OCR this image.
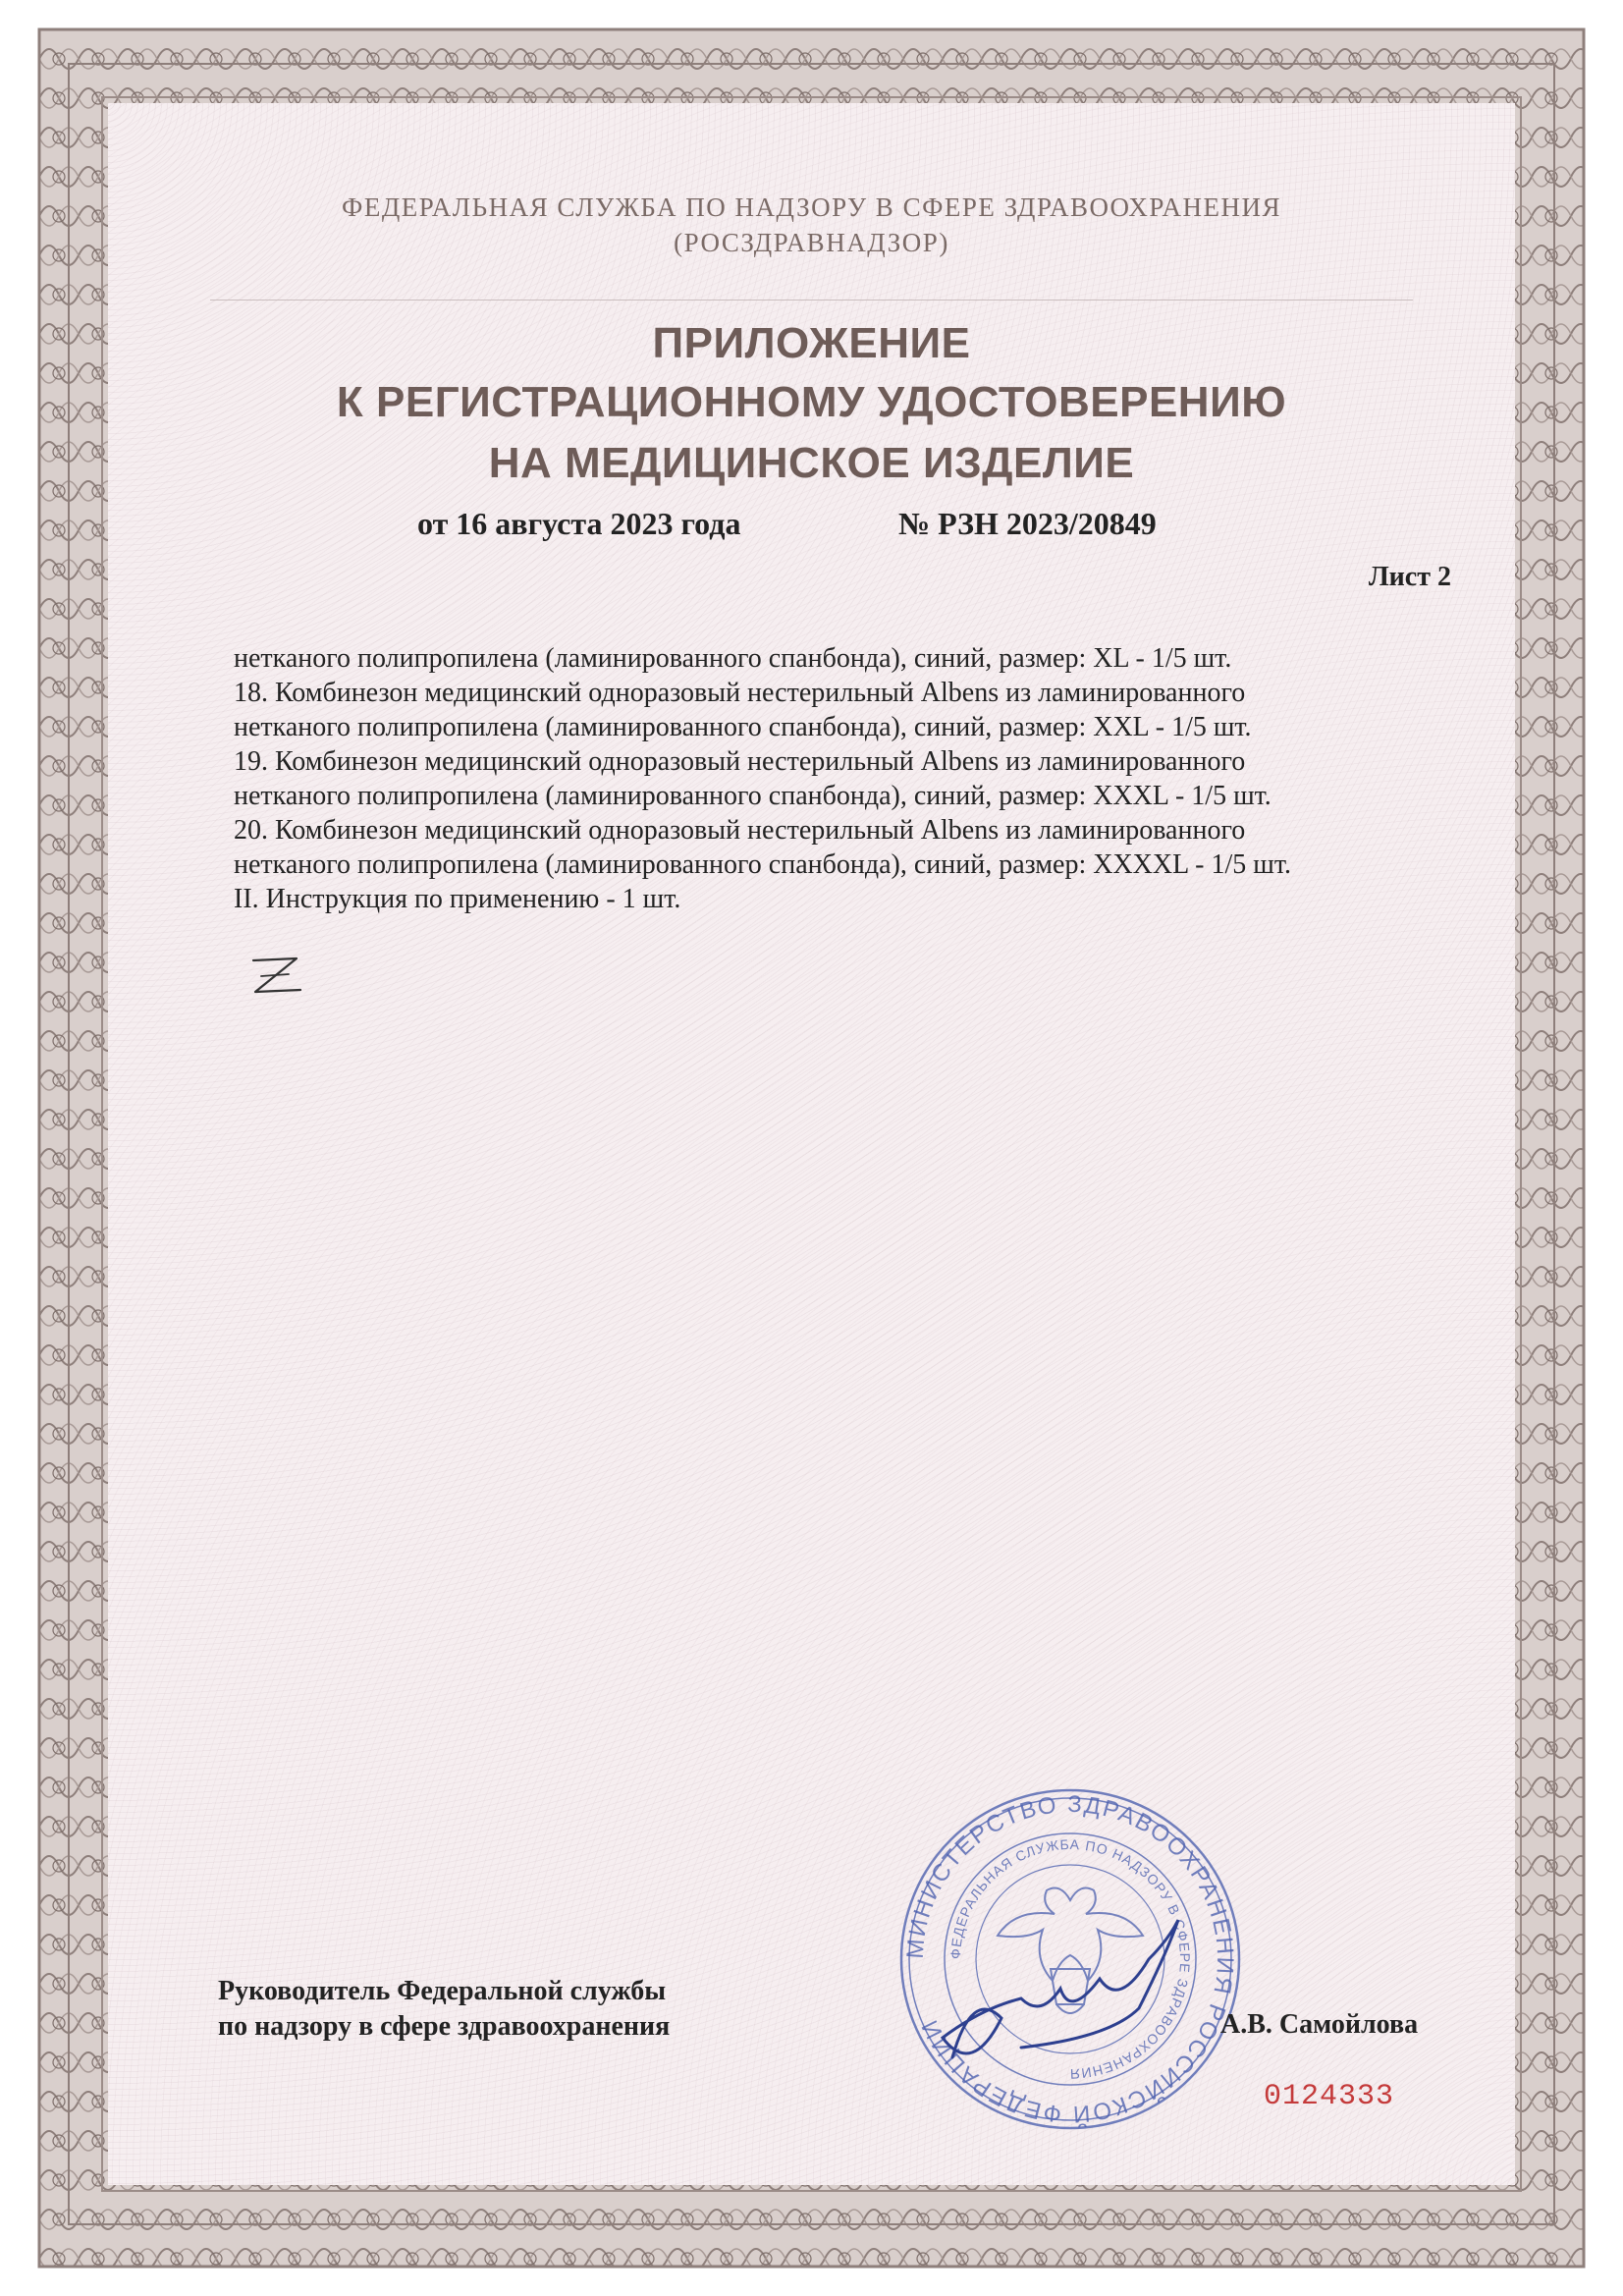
ФЕДЕРАЛЬНАЯ СЛУЖБА ПО НАДЗОРУ В СФЕРЕ ЗДРАВООХРАНЕНИЯ
(РОСЗДРАВНАДЗОР)
ПРИЛОЖЕНИЕ
К РЕГИСТРАЦИОННОМУ УДОСТОВЕРЕНИЮ
НА МЕДИЦИНСКОЕ ИЗДЕЛИЕ
от 16 августа 2023 года	№ РЗН 2023/20849
Лист 2
нетканого полипропилена (ламинированного спанбонда), синий, размер: XL - 1/5 шт.
18. Комбинезон медицинский одноразовый нестерильный Albens из ламинированного
нетканого полипропилена (ламинированного спанбонда), синий, размер: XXL - 1/5 шт.
19. Комбинезон медицинский одноразовый нестерильный Albens из ламинированного
нетканого полипропилена (ламинированного спанбонда), синий, размер: XXXL - 1/5 шт.
20. Комбинезон медицинский одноразовый нестерильный Albens из ламинированного
нетканого полипропилена (ламинированного спанбонда), синий, размер: XXXXL - 1/5 шт.
II. Инструкция по применению - 1 шт.
МИНИСТЕРСТВО ЗДРАВООХРАНЕНИЯ РОССИЙСКОЙ ФЕДЕРАЦИИ
ФЕДЕРАЛЬНАЯ СЛУЖБА ПО НАДЗОРУ В СФЕРЕ ЗДРАВООХРАНЕНИЯ
Руководитель Федеральной службы
по надзору в сфере здравоохранения	А.В. Самойлова
0124333
